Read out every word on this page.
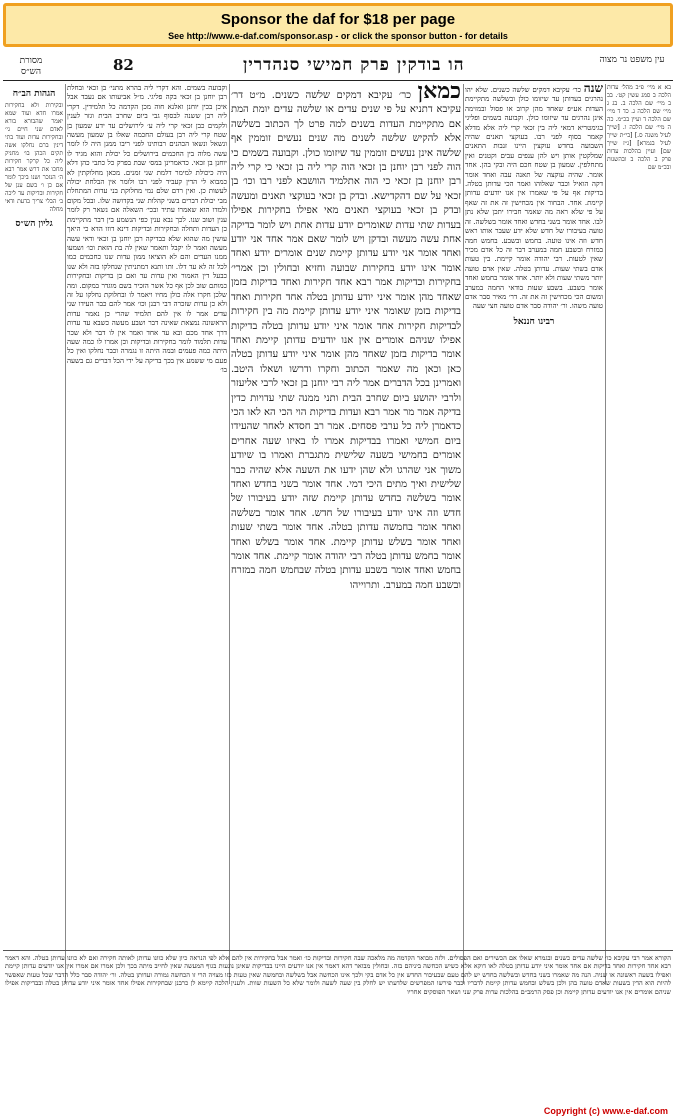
Sponsor the daf for $18 per page
See http://www.e-daf.com/sponsor.asp - or click the sponsor button - for details
מסורת הש״ס	82	הו בודקין פרק חמישי סנהדרין	עין משפט נר מצוה
הגהות הב״ח
ובקירות ולא בחקירות אמרו חדא ועוד שמא יאמר שהבורא בורא לאדם שני חיים גי׳ ובחקירות עדות ועוד בתי דינין ברם נחלקו אשה תקים הכהן בו׳ מחניק ליה כל קרקר חקירות מחכו את דרש אמר רבא ה׳ הנזכר ושנו ביכך לומר אם כן ו׳ בשם ענן של חקירות ובדיקות עד ליכה ב׳ הבלי צריך בדעת ודאי מחלה
גליון הש״ס
וקבועה בשמים. והא דקרי ליה בהרא מתני׳ בן זכאי ובחלת רבן יוחנן בן זכאי בקה פליגי. מ״ל אביעותו אם נעבד אבל איכן בכין יוחנן ואלנא חוה מכן הקדמה כל תלמידין. דקרי ליה רבן ששנה לבסוף גבי ביום שחרב הבית וגזר לענין ולקמים כבן זכאי קרי ליה ע׳ לירושלים עד ידע שמעון בן שטח קרי ליה רבן בעולם החכמה שאלו בן שמעון מעשה ונשאל ונשאו הכהנים רבותינו לפני ריבו ממנן היה לו לומר עשה מלוה בין החכמים בירושלים כל יכולת והוא מגיד לו יוחנן בן זכאי. כדאמרינן במס׳ שבת בפרק כל כתבי כהן דלא היה כיכולת למימר דלמת שני זמנים. מכאן מחלוקתין לא כמבוא לי הדין קעביד לפני רבו ולומר אין הבלחת יכולה לעשות כן. ואין רדם שלם נמי מחלוקת בני עדות המתחלת מבי יכולת דברים בשני קהלות שני בקדושה שלו. ובכל מקום ולמדו הוא שאמרו עתיד ובכי׳ השאלה אם נשאר רק לומר ענין ושוב שנו. לכך נבא ענין כפי הנשמע בין דבר מתקיימת כן העדות ותחלה ובחקירות ובדיקות דינא דוזו הדא כי היאך עושין מה שהוא שלא כבדיקה רבן יוחנן בן זכאי ודאי עשה מעשה ואמר לו יקבל ותאמר שאין לה בת הזאת וכו׳ ושמעו ממנו העדים והם לא הוציאו ממון עדות שנו כחכמים כמו לכל זה לא עד דלו. ותו ותנא דמתניתין שנחלקו בזה ולא שנו כבעל דין האמור ואין עדות עד ואם כן בדיקות ובחקירות כמותם שוב לכן אף כל אשר הזכיר בשם מוגדר במקום. ומה שלכן חקרו אלה כולן מחיו ויאמר לו ובחלוקת נחלקו על זה ולא כן עדות שזכרה דבי רבנן וכו׳ אמר להם כבר העידו שני עדים אמר לו אין להם תלמיד שהרי כן נאמר עדות הראשונה נמצאת שאינה דבר ושבע מעשה כשבא עד עדות דרך אחד מכם ובא עד אחד ואמר אין לו דבר ולא שכר עדות תלמוד לומר בחקירות ובדיקות וכן אמרו לו כמה שעה היתה כמה פעמים ובמה היתה זו נגמרה וכבר נחלקו ואין כל פעם מי ששמע אין בכך בדיקה על ידי הכל דברים גם בשעה בו׳
כמאן כר׳ עקיבא דמקים שלשה כשנים. מ״ט דר׳ עקיבא דתניא על פי שנים עדים או שלשה עדים יומת המת אם מתקיימת העדות בשנים למה פרט לך הכתוב בשלשה אלא להקיש שלשה לשנים מה שנים נעשים זוממין אף שלשה אינן נעשים זוממין עד שיזומו כולן. וקבועה בשמים כי הוה לפני רבן יוחנן בן זכאי הוה קרי ליה בן זכאי כי קרי ליה רבן יוחנן בן זכאי כי הוה אתלמיד הוושבא לפני רבו וכו׳ בן זכאי על שם דהקדישא. ובדק בן זכאי בעוקצי תאנים ומעשה ובדק בן זכאי בעוקצי תאנים מאי אפילו בחקירות אפילו בעדות שתי עדות שאומרים יודע עדות אחת ויש לומר בדיקה אחת עשה מעשה ובדקן ויש לומר שאם אמר אחד אני יודע ואחד אומר אני יודע עדותן קיימת שנים אומרים יודע ואחד אומר אינו יודע בחקירות שבועה וחזיא ובחולין וכן אמרי׳ בחקירות ובדיקות אמר רבא אחד חקירות ואחד בדיקות בזמן שאחד מהן אומר איני יודע עדותן בטלה אחד חקירות ואחד בדיקות בזמן שאומר איני יודע עדותן קיימת מה בין חקירות לבדיקות חקירות אחד אומר איני יודע עדותן בטלה בדיקות אפילו שניהם אומרים אין אנו יודעים עדותן קיימת ואחד אומר בדיקות בזמן שאחד מהן אומר איני יודע עדותן בטלה כאן וכאן מה שאמר הכתוב וחקרו ודרשו ושאלו היטב. ואמרינן בכל הדברים אמר ליה רבי יוחנן בן זכאי לרבי אליעזר ולרבי יהושע ביום שחרב הבית ותני ממנה שתי עדויות כדין בדיקה אמר מר אמר רבא ועדות בדיקות הוי הכי הא לאו הכי כדאמרן ליה כל ערבי פסחים. אמר רב חסדא לאחר שהעידו ביום חמישי ואמרו בבדיקות אמרו לו באיזו שעה אחרים אומרים בחמישי בשעה שלישית מתגברת ואמרו בו שיודע משוך אני שהרגו ולא שהן ידעו את השעה אלא שהיה כבר שלישית ואיך מתים היכי דמי. אחד אומר בשני בחדש ואחד אומר בשלשה בחדש עדותן קיימת שזה יודע בעיבורו של חדש וזה אינו יודע בעיבורו של חדש. אחד אומר בשלשה ואחד אומר בחמשה עדותן בטלה. אחד אומר בשתי שעות ואחד אומר בשלש עדותן קיימת. אחד אומר בשלש ואחד אומר בחמש עדותן בטלה רבי יהודה אומר קיימת. אחד אומר בחמש ואחד אומר בשבע עדותן בטלה שבחמש חמה במזרח ובשבע חמה במערב. ותרוייהו
שנה כר׳ עקיבא דמקים שלשה כשנים. שלא יהו נהרגים בעדותן עד שיזומו כולן ובשלשה מתקיימת העדות אע״פ שאחד מהן קרוב או פסול ובמזימה אינן נהרגים עד שיזומו כולן. וקבועה בשמים ופליגי בגימטריא דמאי ליה בין זכאי קרי ליה אלא מדלא קאמר בסוף לפני רבו. בעוקצי תאנים שהיה השבועה בחדש עוקצין היינו זנבות התאנים שמלקטין אותן ויש להן ענפים עבים וקטנים ואין מתחלפין. שמעון בן שטח חכם היה ובקי בהן. אחד אומר. שהיה עוקצה של תאנה עבה ואחד אומר דקה הואיל וכבר שאלוהו ואמר הכי עדותן בטלה. בדיקות אף על פי שאמרו אין אנו יודעים עדותן קיימת. אחד. הבחור אין מכחישין זה את זה שאף על פי שלא ראה מה שאמר חבירו יתכן שלא נתן לבו. אחד אומר בשני בחדש ואחד אומר בשלשה. זה טועה בעיבורו של חדש שלא ידע שעבר אותו ראש חדש וזה אינו טועה. בחמש ובשבע. בחמש חמה במזרח ובשבע חמה במערב דבר זה כל אדם מכיר שאין לטעות. רבי יהודה אומר קיימת. בין טעות אדם בשתי שעות. עדותן בטלה. שאין אדם טועה יותר משתי שעות ולא יותר. אחד אומר בחמש ואחד אומר בשבע. בשבע שעות בודאי החמה במערב ומשום הכי מכחישין זה את זה. דר׳ מאיר סבר אדם טועה משהו. ור׳ יהודה סבר אדם טועה חצי שעה
רבינו חננאל
בא א מיי׳ פ״ב מהל׳ עדות הלכה ב סמג עשין קט׳. בב ב מיי׳ שם הלכה ב. בג ג מיי׳ שם הלכה ג. כד ד מיי׳ שם הלכה ד ועיין בכ״מ. כה ה מיי׳ שם הלכה ו. [שייך לעיל משנה ס.] [בי״ת שייך לעיל בגמרא] [ג״ז שייך שם] ועיין בהלכות עדות פרק ב הלכה ב ובהשגות ובכ״מ שם
הקורא אמר רבי עקיבא כו׳ שלשה עדים כשנים ובגמרא שאלו אם הכשירים ואם הפסולים. ולזה מבואר הקדמה מה מלאכה שבה חקירות ובדיקות כו׳ ואמר אבל בחקירות אין להם אלא לפי הנראה כיון שלא כוונו עדותן לאותה חקירה ואם לא כוונו עדותן בטלה. והא דאמר רבא אחד חקירות ואחד בדיקות אם אחד אומר איני יודע עדותן בטלה לאו דוקא אלא כשיש הכחשה ביניהם בזה. ובחולין מבואר דהא דאמר אין אנו יודעים היינו בבדיקות שאינן נוגעות בגוף המעשה שאין לחייב מיתה בכך ולכן אמרו אם אמרו אין אנו יודעים עדותן קיימת ואפילו בשעה ראשונה או שניה. הנה מה שאמרו בשני בחדש ובשלשה בחדש יש להם טעם שבעיבור החדש אין כל אדם בקי ולכך אינו הכחשה אבל בשלשה ובחמשה שאין טעות כזו מצויה הרי זו הכחשה גמורה ועדותן בטלה. ור׳ יהודה סבר כלל הדבר שכל טעות שאפשר להיות הוא הדין בשעות שאדם טועה בהן ולכן בשלש ובחמש עדותן קיימת לדבריו וכבר פירשו המפרשים שלדעתו יש לחלק בין שעה לשעה ולומר שלא כל השעות שוות. ולענין הלכה קיימא לן כרבנן שבחקירות אפילו אחד אומר איני יודע עדותן בטלה ובבדיקות אפילו שניהם אומרים אין אנו יודעים עדותן קיימת וכן פסק הרמב״ם בהלכות עדות פרק שני ושאר הפוסקים אחריו
Copyright (c) www.e-daf.com
